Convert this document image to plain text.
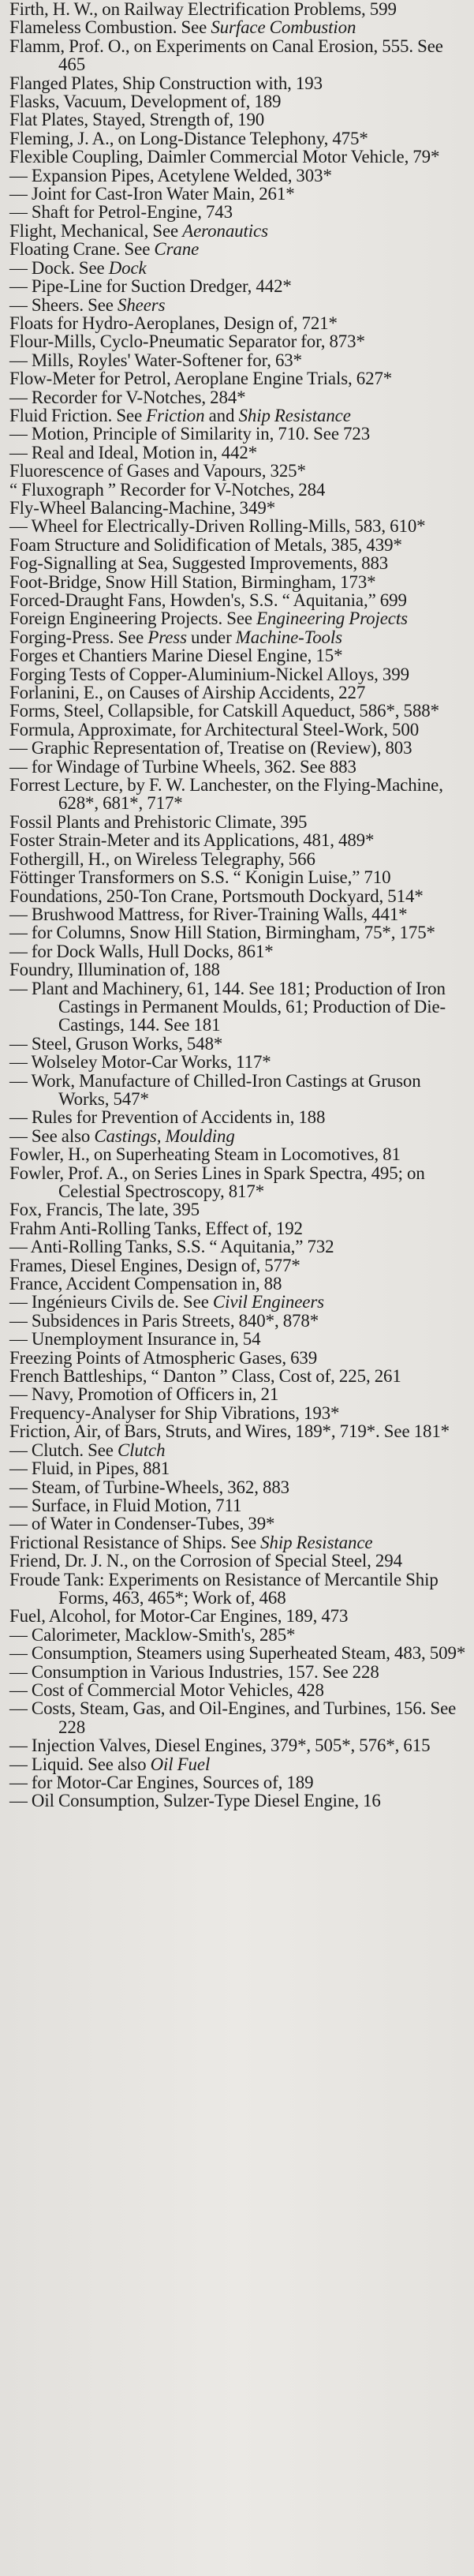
Firth, H. W., on Railway Electrification Problems, 599
Flameless Combustion. See Surface Combustion
Flamm, Prof. O., on Experiments on Canal Erosion, 555. See 465
Flanged Plates, Ship Construction with, 193
Flasks, Vacuum, Development of, 189
Flat Plates, Stayed, Strength of, 190
Fleming, J. A., on Long-Distance Telephony, 475*
Flexible Coupling, Daimler Commercial Motor Vehicle, 79*
— Expansion Pipes, Acetylene Welded, 303*
— Joint for Cast-Iron Water Main, 261*
— Shaft for Petrol-Engine, 743
Flight, Mechanical, See Aeronautics
Floating Crane. See Crane
— Dock. See Dock
— Pipe-Line for Suction Dredger, 442*
— Sheers. See Sheers
Floats for Hydro-Aeroplanes, Design of, 721*
Flour-Mills, Cyclo-Pneumatic Separator for, 873*
— Mills, Royles' Water-Softener for, 63*
Flow-Meter for Petrol, Aeroplane Engine Trials, 627*
— Recorder for V-Notches, 284*
Fluid Friction. See Friction and Ship Resistance
— Motion, Principle of Similarity in, 710. See 723
— Real and Ideal, Motion in, 442*
Fluorescence of Gases and Vapours, 325*
“ Fluxograph ” Recorder for V-Notches, 284
Fly-Wheel Balancing-Machine, 349*
— Wheel for Electrically-Driven Rolling-Mills, 583, 610*
Foam Structure and Solidification of Metals, 385, 439*
Fog-Signalling at Sea, Suggested Improvements, 883
Foot-Bridge, Snow Hill Station, Birmingham, 173*
Forced-Draught Fans, Howden's, S.S. “ Aquitania,” 699
Foreign Engineering Projects. See Engineering Projects
Forging-Press. See Press under Machine-Tools
Forges et Chantiers Marine Diesel Engine, 15*
Forging Tests of Copper-Aluminium-Nickel Alloys, 399
Forlanini, E., on Causes of Airship Accidents, 227
Forms, Steel, Collapsible, for Catskill Aqueduct, 586*, 588*
Formula, Approximate, for Architectural Steel-Work, 500
— Graphic Representation of, Treatise on (Review), 803
— for Windage of Turbine Wheels, 362. See 883
Forrest Lecture, by F. W. Lanchester, on the Flying-Machine, 628*, 681*, 717*
Fossil Plants and Prehistoric Climate, 395
Foster Strain-Meter and its Applications, 481, 489*
Fothergill, H., on Wireless Telegraphy, 566
Föttinger Transformers on S.S. “ Konigin Luise,” 710
Foundations, 250-Ton Crane, Portsmouth Dockyard, 514*
— Brushwood Mattress, for River-Training Walls, 441*
— for Columns, Snow Hill Station, Birmingham, 75*, 175*
— for Dock Walls, Hull Docks, 861*
Foundry, Illumination of, 188
— Plant and Machinery, 61, 144. See 181; Production of Iron Castings in Permanent Moulds, 61; Production of Die-Castings, 144. See 181
— Steel, Gruson Works, 548*
— Wolseley Motor-Car Works, 117*
— Work, Manufacture of Chilled-Iron Castings at Gruson Works, 547*
— Rules for Prevention of Accidents in, 188
— See also Castings, Moulding
Fowler, H., on Superheating Steam in Locomotives, 81
Fowler, Prof. A., on Series Lines in Spark Spectra, 495; on Celestial Spectroscopy, 817*
Fox, Francis, The late, 395
Frahm Anti-Rolling Tanks, Effect of, 192
— Anti-Rolling Tanks, S.S. “ Aquitania,” 732
Frames, Diesel Engines, Design of, 577*
France, Accident Compensation in, 88
— Ingénieurs Civils de. See Civil Engineers
— Subsidences in Paris Streets, 840*, 878*
— Unemployment Insurance in, 54
Freezing Points of Atmospheric Gases, 639
French Battleships, “ Danton ” Class, Cost of, 225, 261
— Navy, Promotion of Officers in, 21
Frequency-Analyser for Ship Vibrations, 193*
Friction, Air, of Bars, Struts, and Wires, 189*, 719*. See 181*
— Clutch. See Clutch
— Fluid, in Pipes, 881
— Steam, of Turbine-Wheels, 362, 883
— Surface, in Fluid Motion, 711
— of Water in Condenser-Tubes, 39*
Frictional Resistance of Ships. See Ship Resistance
Friend, Dr. J. N., on the Corrosion of Special Steel, 294
Froude Tank: Experiments on Resistance of Mercantile Ship Forms, 463, 465*; Work of, 468
Fuel, Alcohol, for Motor-Car Engines, 189, 473
— Calorimeter, Macklow-Smith's, 285*
— Consumption, Steamers using Superheated Steam, 483, 509*
— Consumption in Various Industries, 157. See 228
— Cost of Commercial Motor Vehicles, 428
— Costs, Steam, Gas, and Oil-Engines, and Turbines, 156. See 228
— Injection Valves, Diesel Engines, 379*, 505*, 576*, 615
— Liquid. See also Oil Fuel
— for Motor-Car Engines, Sources of, 189
— Oil Consumption, Sulzer-Type Diesel Engine, 16
